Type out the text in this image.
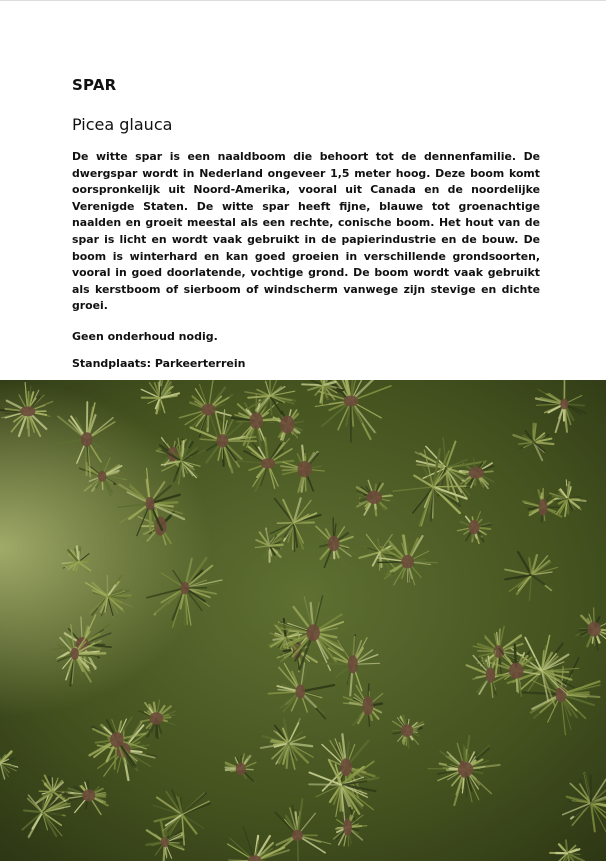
SPAR
Picea glauca

De witte spar is een naaldboom die behoort tot de dennenfamilie. De dwergspar wordt in Nederland ongeveer 1,5 meter hoog. Deze boom komt oorspronkelijk uit Noord-Amerika, vooral uit Canada en de noordelijke Verenigde Staten. De witte spar heeft fijne, blauwe tot groenachtige naalden en groeit meestal als een rechte, conische boom. Het hout van de spar is licht en wordt vaak gebruikt in de papierindustrie en de bouw. De boom is winterhard en kan goed groeien in verschillende grondsoorten, vooral in goed doorlatende, vochtige grond. De boom wordt vaak gebruikt als kerstboom of sierboom of windscherm vanwege zijn stevige en dichte groei.

Geen onderhoud nodig.

Standplaats: Parkeerterrein
